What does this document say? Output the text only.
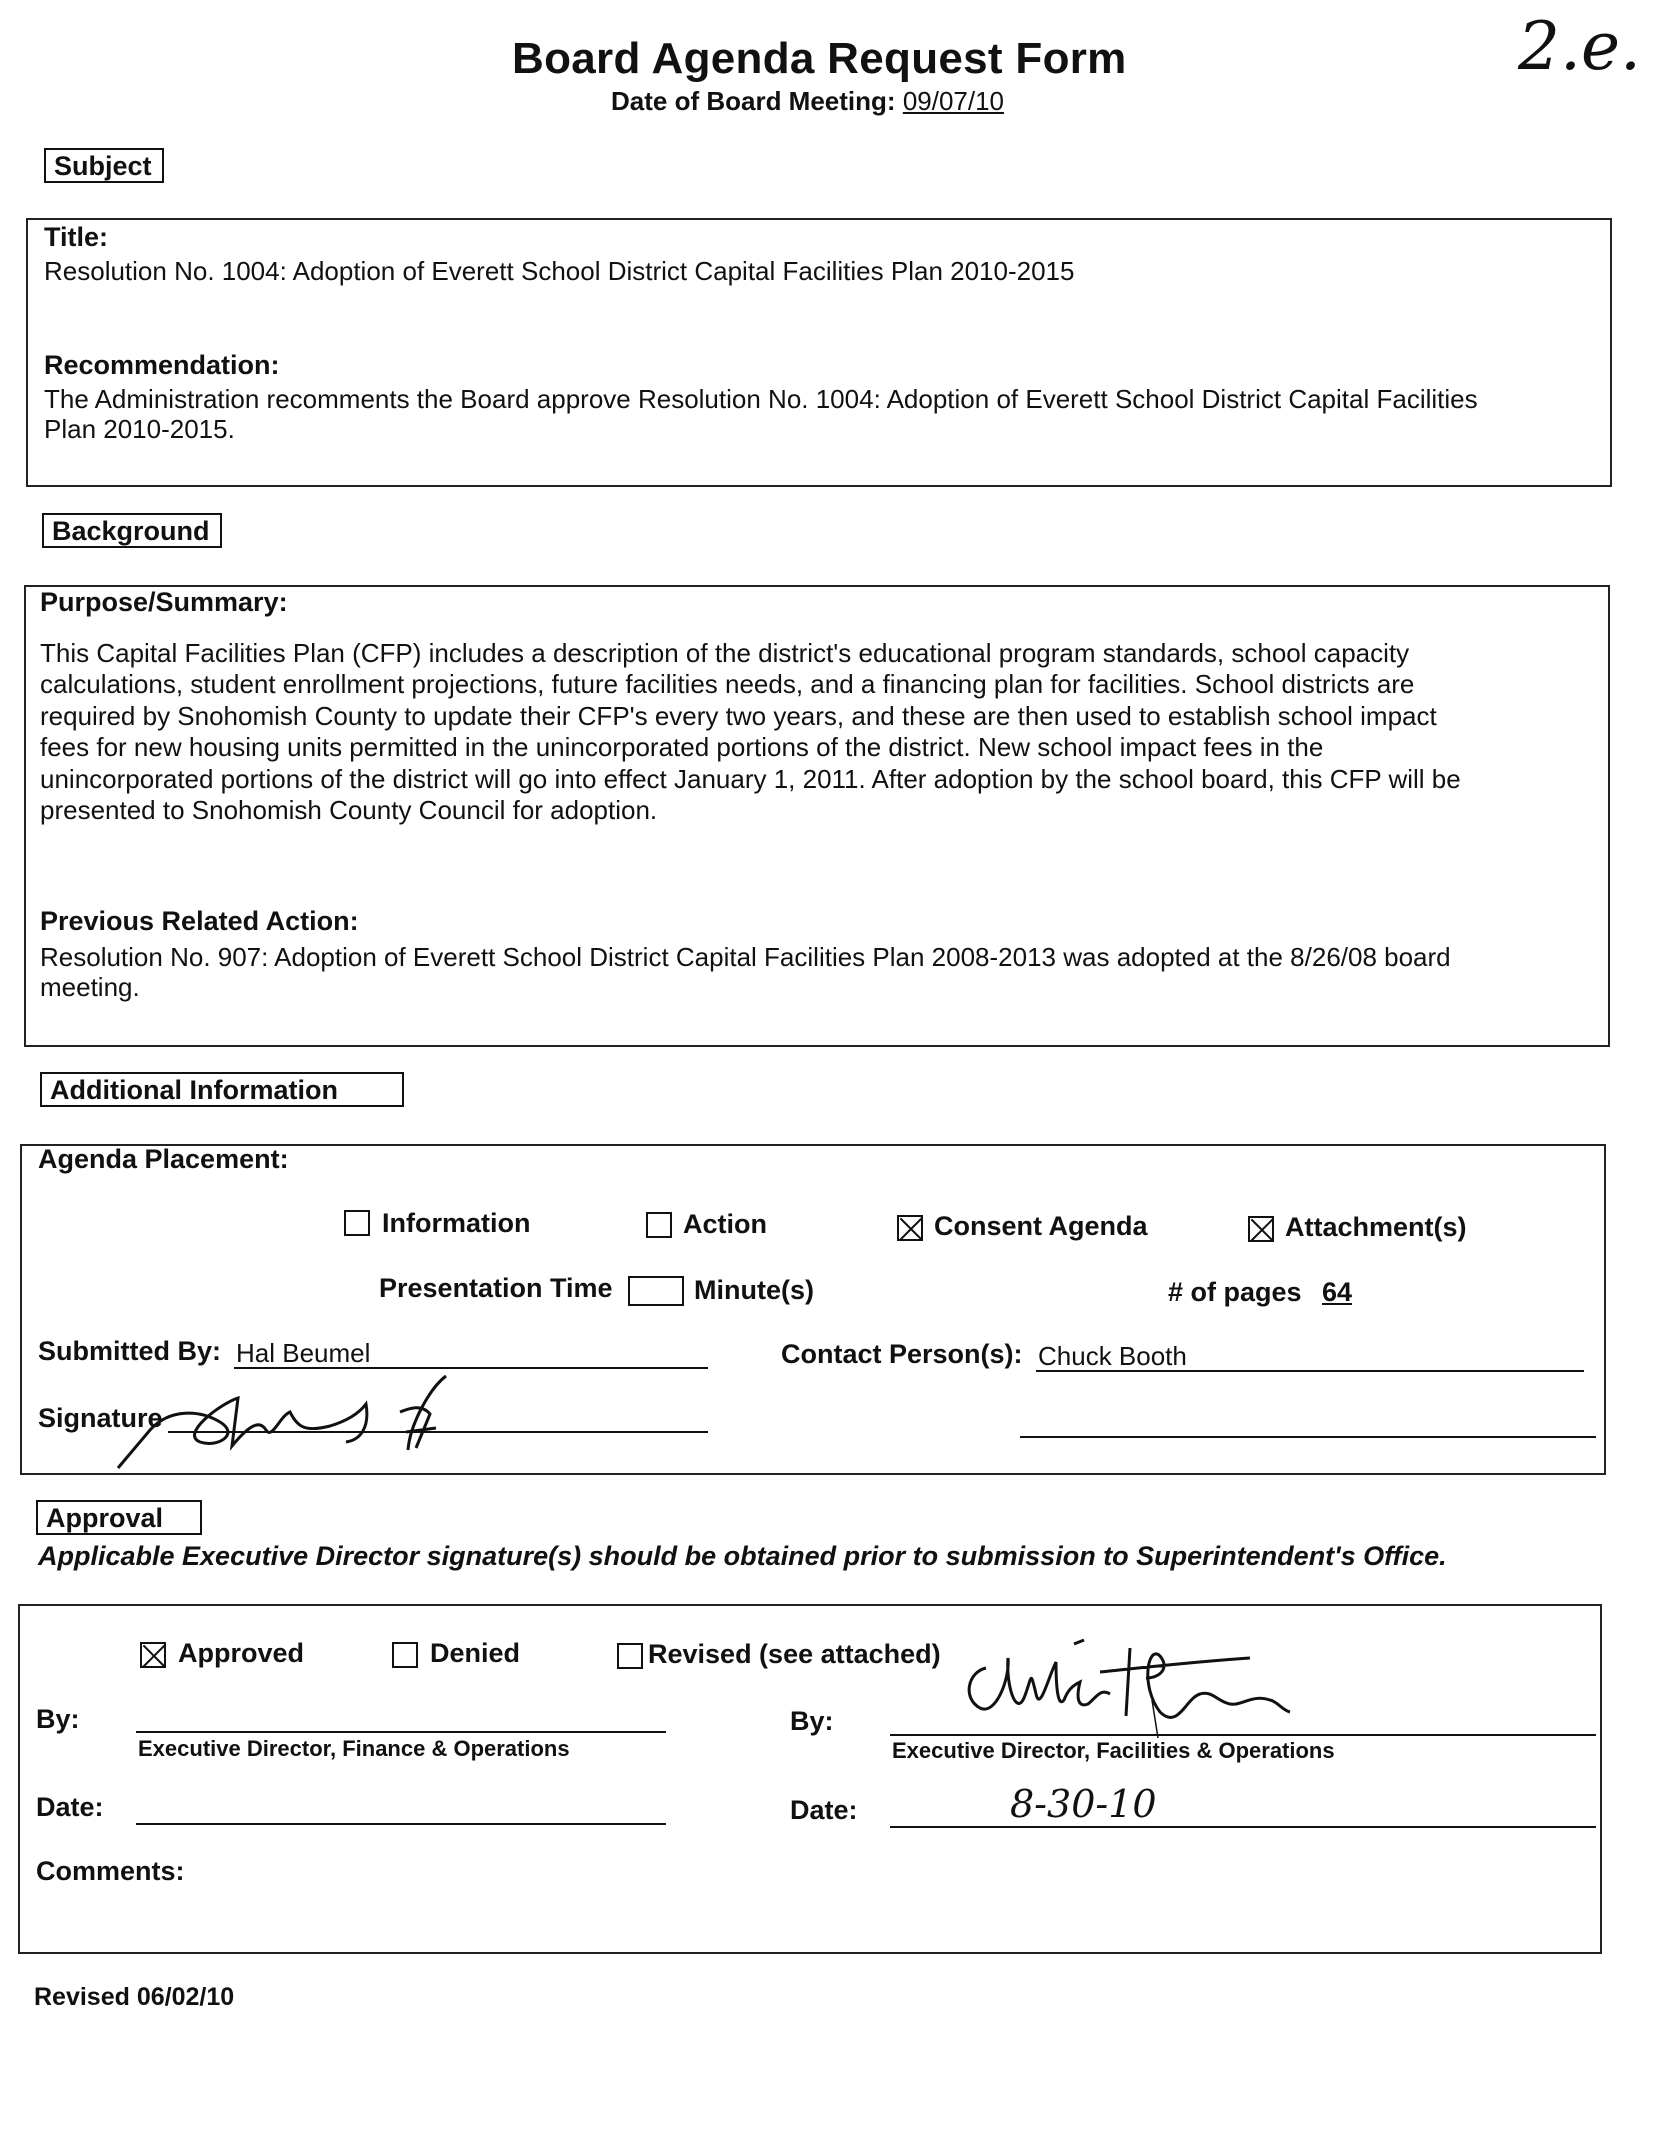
Board Agenda Request Form
Date of Board Meeting: 09/07/10
2.e.
Subject
Title:
Resolution No. 1004: Adoption of Everett School District Capital Facilities Plan 2010-2015
Recommendation:
The Administration recomments the Board approve Resolution No. 1004: Adoption of Everett School District Capital Facilities
Plan 2010-2015.
Background
Purpose/Summary:
This Capital Facilities Plan (CFP) includes a description of the district's educational program standards, school capacity
calculations, student enrollment projections, future facilities needs, and a financing plan for facilities. School districts are
required by Snohomish County to update their CFP's every two years, and these are then used to establish school impact
fees for new housing units permitted in the unincorporated portions of the district. New school impact fees in the
unincorporated portions of the district will go into effect January 1, 2011. After adoption by the school board, this CFP will be
presented to Snohomish County Council for adoption.
Previous Related Action:
Resolution No. 907: Adoption of Everett School District Capital Facilities Plan 2008-2013 was adopted at the 8/26/08 board
meeting.
Additional Information
Agenda Placement:
Information	Action	Consent Agenda	Attachment(s)
Presentation Time	Minute(s)	# of pages 64
Submitted By: Hal Beumel	Contact Person(s): Chuck Booth
Signature
Approval
Applicable Executive Director signature(s) should be obtained prior to submission to Superintendent's Office.
Approved	Denied	Revised (see attached)
By:
Executive Director, Finance & Operations
By:
Executive Director, Facilities & Operations
Date:	Date:	8-30-10
Comments:
Revised 06/02/10
